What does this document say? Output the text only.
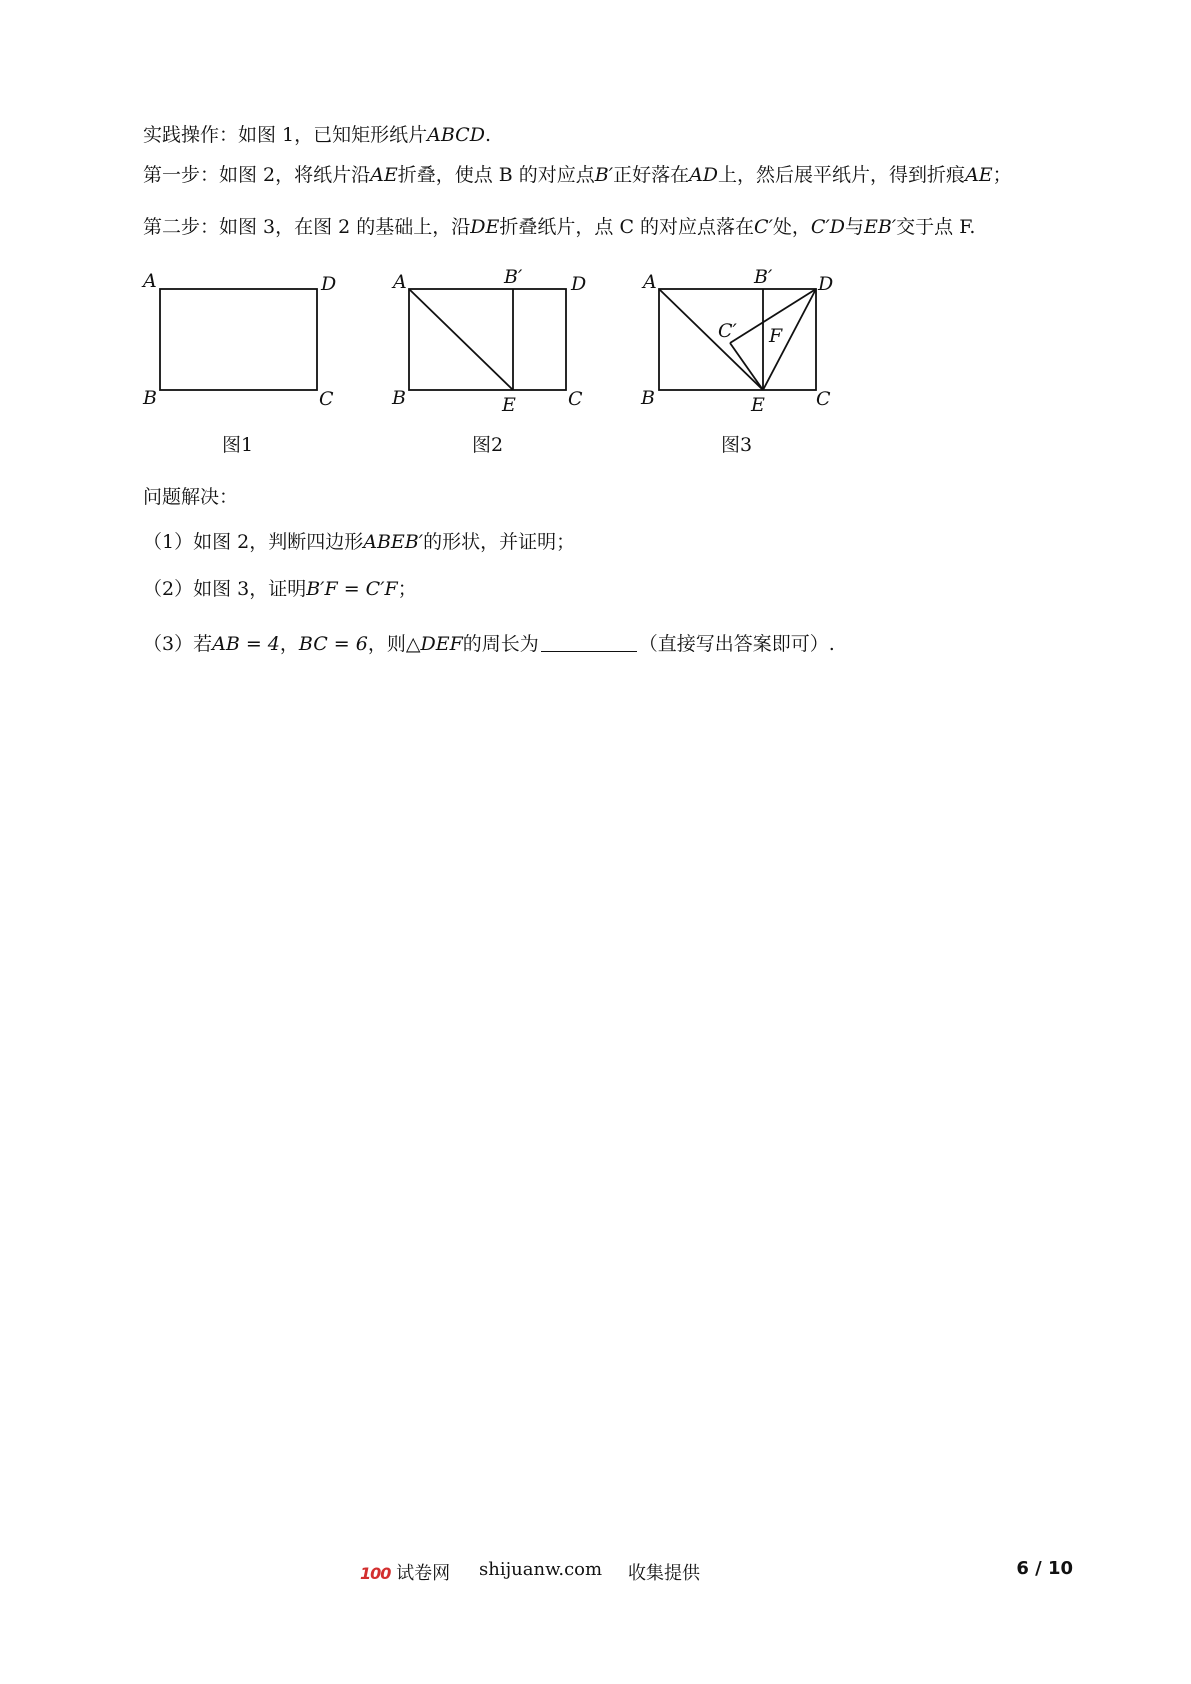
实践操作：如图 1，已知矩形纸片ABCD.
第一步：如图 2，将纸片沿AE折叠，使点 B 的对应点B′正好落在AD上，然后展平纸片，得到折痕AE；
第二步：如图 3，在图 2 的基础上，沿DE折叠纸片，点 C 的对应点落在C′处，C′D与EB′交于点 F.
A	D
B	C
图1
A	B′	D
B	E	C
图2
A	B′ D
C′ F
B	E	C
图3
问题解决：
（1）如图 2，判断四边形ABEB′的形状，并证明；
（2）如图 3，证明B′F = C′F；
（3）若AB = 4，BC = 6，则△DEF的周长为	（直接写出答案即可）.
100 试卷网 shijuanw.com 收集提供	6 / 10
